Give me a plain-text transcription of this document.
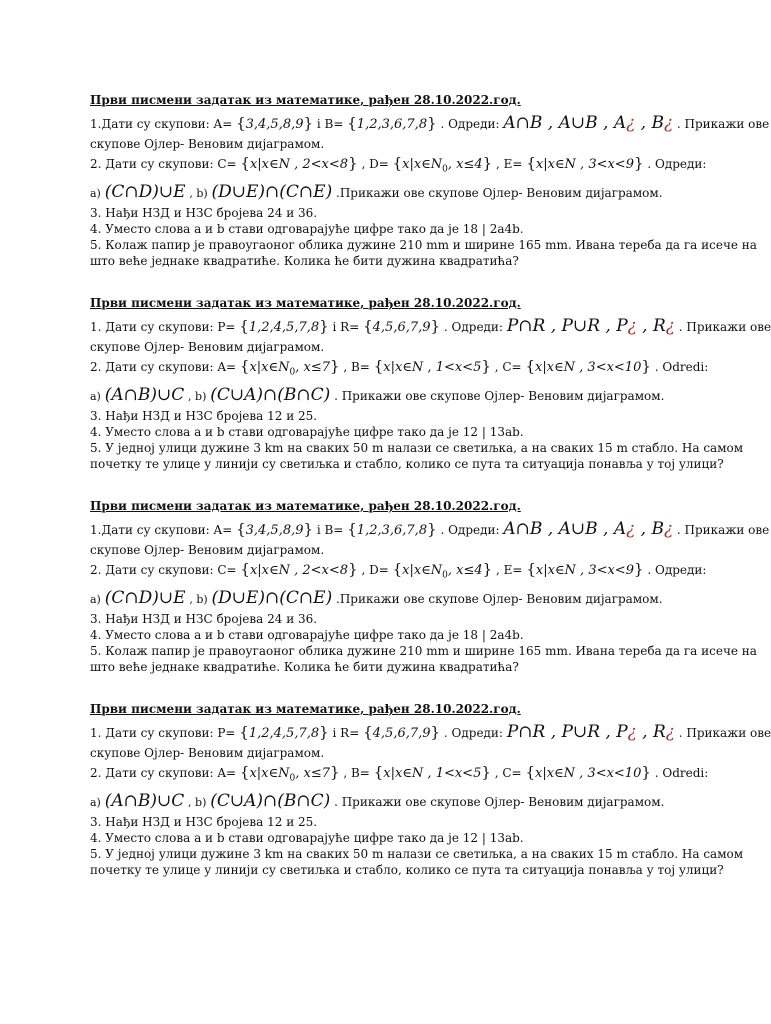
Први писмени задатак из математике, рађен 28.10.2022.год.
1.Дати су скупови: A= {3,4,5,8,9} i B= {1,2,3,6,7,8} . Одреди: A∩B , A∪B , A¿ , B¿ . Прикажи ове
скупове Ојлер- Веновим дијаграмом.
2. Дати су скупови: C= {x|x∈N , 2<x<8} , $D= \{x|x\in N_0$, x≤4} , E= {x|x∈N , 3<x<9} . Одреди:
a) (C∩D)∪E , b) (D∪E)∩(C∩E) .Прикажи ове скупове Ојлер- Веновим дијаграмом.
3. Нађи НЗД и НЗС бројева 24 и 36.
4. Уместо слова a и b стави одговарајуће цифре тако да је 18 | 2a4b.
5. Колаж папир је правоугаоног облика дужине 210 mm и ширине 165 mm. Ивана тереба да га исече на
што веће једнаке квадратиће. Колика ће бити дужина квадратића?
Први писмени задатак из математике, рађен 28.10.2022.год.
1. Дати су скупови: P= {1,2,4,5,7,8} i R= {4,5,6,7,9} . Одреди: P∩R , P∪R , P¿ , R¿ . Прикажи ове
скупове Ојлер- Веновим дијаграмом.
2. Дати су скупови: $A= \{x|x\in N_0$, x≤7} , B= {x|x∈N , 1<x<5} , C= {x|x∈N , 3<x<10} . Odredi:
a) (A∩B)∪C , b) (C∪A)∩(B∩C) . Прикажи ове скупове Ојлер- Веновим дијаграмом.
3. Нађи НЗД и НЗС бројева 12 и 25.
4. Уместо слова a и b стави одговарајуће цифре тако да је 12 | 13ab.
5. У једној улици дужине 3 km на сваких 50 m налази се светиљка, а на сваких 15 m стабло. На самом
почетку те улице у линији су светиљка и стабло, колико се пута та ситуација понавља у тој улици?
Први писмени задатак из математике, рађен 28.10.2022.год.
1.Дати су скупови: A= {3,4,5,8,9} i B= {1,2,3,6,7,8} . Одреди: A∩B , A∪B , A¿ , B¿ . Прикажи ове
скупове Ојлер- Веновим дијаграмом.
2. Дати су скупови: C= {x|x∈N , 2<x<8} , $D= \{x|x\in N_0$, x≤4} , E= {x|x∈N , 3<x<9} . Одреди:
a) (C∩D)∪E , b) (D∪E)∩(C∩E) .Прикажи ове скупове Ојлер- Веновим дијаграмом.
3. Нађи НЗД и НЗС бројева 24 и 36.
4. Уместо слова a и b стави одговарајуће цифре тако да је 18 | 2a4b.
5. Колаж папир је правоугаоног облика дужине 210 mm и ширине 165 mm. Ивана тереба да га исече на
што веће једнаке квадратиће. Колика ће бити дужина квадратића?
Први писмени задатак из математике, рађен 28.10.2022.год.
1. Дати су скупови: P= {1,2,4,5,7,8} i R= {4,5,6,7,9} . Одреди: P∩R , P∪R , P¿ , R¿ . Прикажи ове
скупове Ојлер- Веновим дијаграмом.
2. Дати су скупови: $A= \{x|x\in N_0$, x≤7} , B= {x|x∈N , 1<x<5} , C= {x|x∈N , 3<x<10} . Odredi:
a) (A∩B)∪C , b) (C∪A)∩(B∩C) . Прикажи ове скупове Ојлер- Веновим дијаграмом.
3. Нађи НЗД и НЗС бројева 12 и 25.
4. Уместо слова a и b стави одговарајуће цифре тако да је 12 | 13ab.
5. У једној улици дужине 3 km на сваких 50 m налази се светиљка, а на сваких 15 m стабло. На самом
почетку те улице у линији су светиљка и стабло, колико се пута та ситуација понавља у тој улици?
